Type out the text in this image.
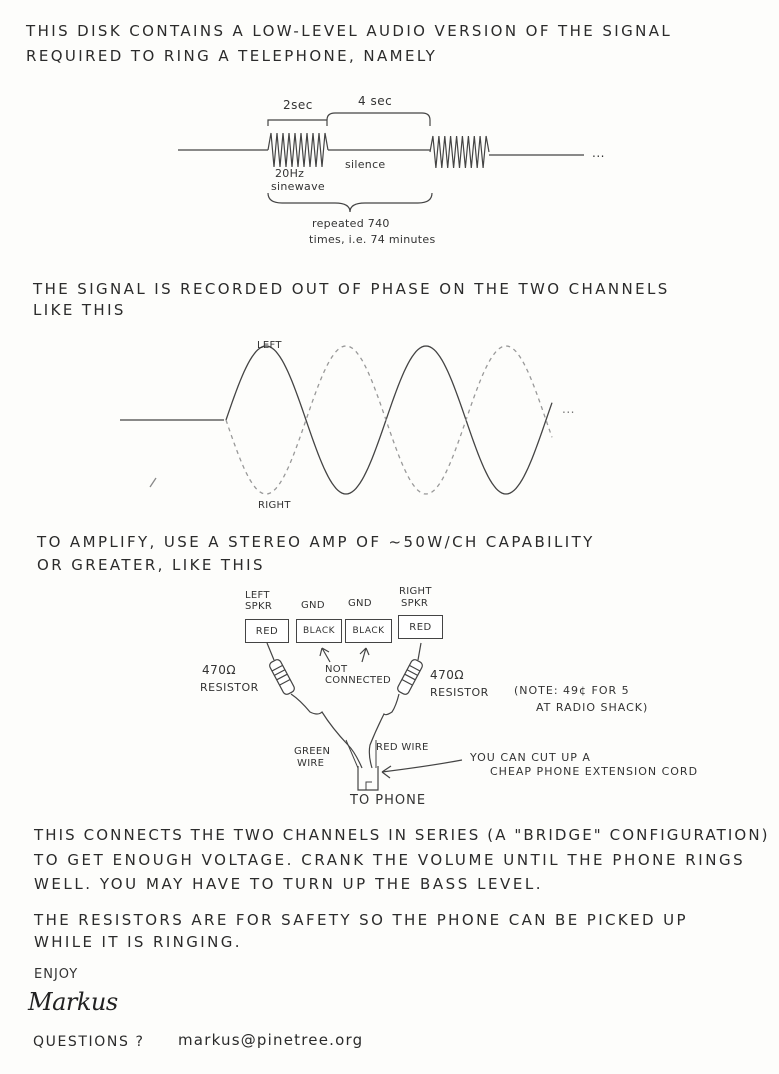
THIS DISK CONTAINS A LOW-LEVEL AUDIO VERSION OF THE SIGNAL
REQUIRED TO RING A TELEPHONE, NAMELY
2sec	4 sec
silence
20Hz
sinewave
repeated 740
times, i.e. 74 minutes
...
THE SIGNAL IS RECORDED OUT OF PHASE ON THE TWO CHANNELS
LIKE THIS
LEFT
RIGHT
...
TO AMPLIFY, USE A STEREO AMP OF ~50W/CH CAPABILITY
OR GREATER, LIKE THIS
LEFT
SPKR	GND GND
RIGHT
SPKR
RED	BLACK	BLACK	RED
NOT
CONNECTED
470Ω
RESISTOR
470Ω
RESISTOR (NOTE: 49¢ FOR 5
AT RADIO SHACK)
GREEN
WIRE
RED WIRE
YOU CAN CUT UP A
CHEAP PHONE EXTENSION CORD
TO PHONE
THIS CONNECTS THE TWO CHANNELS IN SERIES (A "BRIDGE" CONFIGURATION)
TO GET ENOUGH VOLTAGE. CRANK THE VOLUME UNTIL THE PHONE RINGS
WELL. YOU MAY HAVE TO TURN UP THE BASS LEVEL.
THE RESISTORS ARE FOR SAFETY SO THE PHONE CAN BE PICKED UP
WHILE IT IS RINGING.
ENJOY
Markus
QUESTIONS ? markus@pinetree.org
